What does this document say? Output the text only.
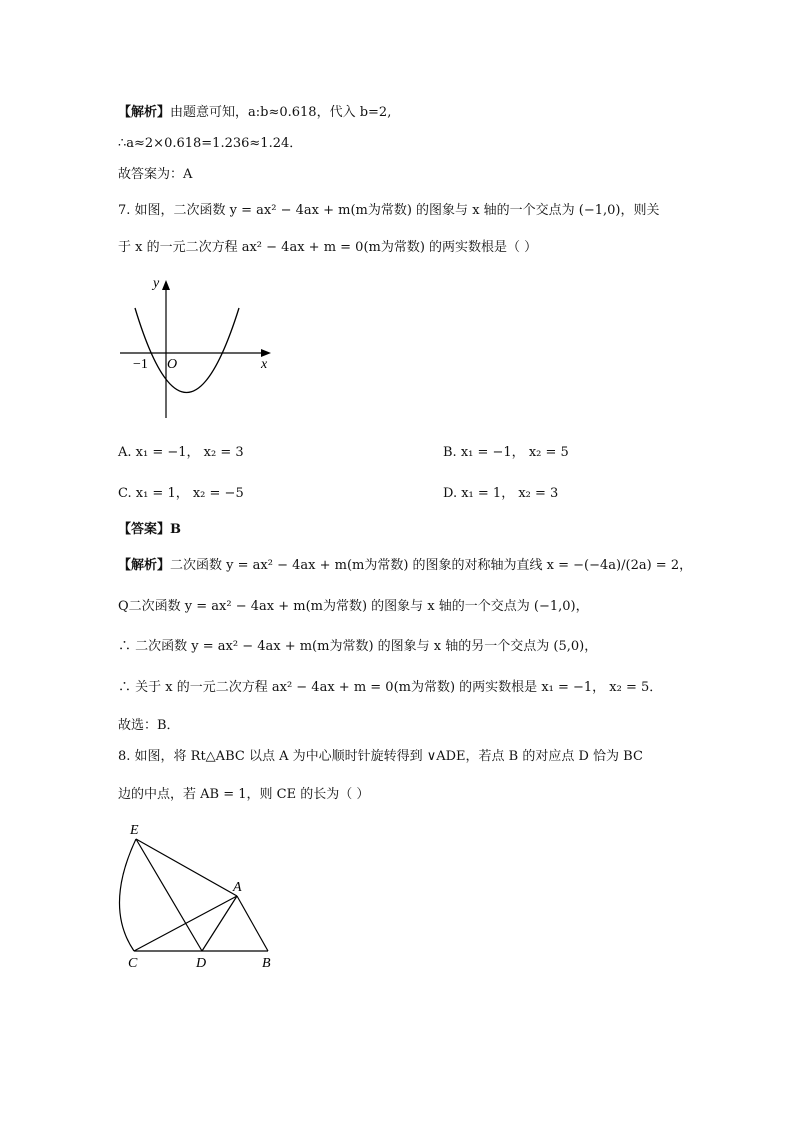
【解析】由题意可知，a:b≈0.618，代入 b=2,
∴a≈2×0.618=1.236≈1.24．
故答案为：A
7. 如图，二次函数 y = ax² − 4ax + m(m为常数) 的图象与 x 轴的一个交点为 (−1,0)，则关
于 x 的一元二次方程 ax² − 4ax + m = 0(m为常数) 的两实数根是（ ）
y
x
O
−1
A. x₁ = −1， x₂ = 3	B. x₁ = −1， x₂ = 5
C. x₁ = 1， x₂ = −5	D. x₁ = 1， x₂ = 3
【答案】B
【解析】二次函数 y = ax² − 4ax + m(m为常数) 的图象的对称轴为直线 x = −(−4a)/(2a) = 2，
Q二次函数 y = ax² − 4ax + m(m为常数) 的图象与 x 轴的一个交点为 (−1,0)，
∴ 二次函数 y = ax² − 4ax + m(m为常数) 的图象与 x 轴的另一个交点为 (5,0)，
∴ 关于 x 的一元二次方程 ax² − 4ax + m = 0(m为常数) 的两实数根是 x₁ = −1， x₂ = 5．
故选：B．
8. 如图，将 Rt△ABC 以点 A 为中心顺时针旋转得到 ∨ADE，若点 B 的对应点 D 恰为 BC
边的中点，若 AB = 1，则 CE 的长为（ ）
E
A
C	D	B
